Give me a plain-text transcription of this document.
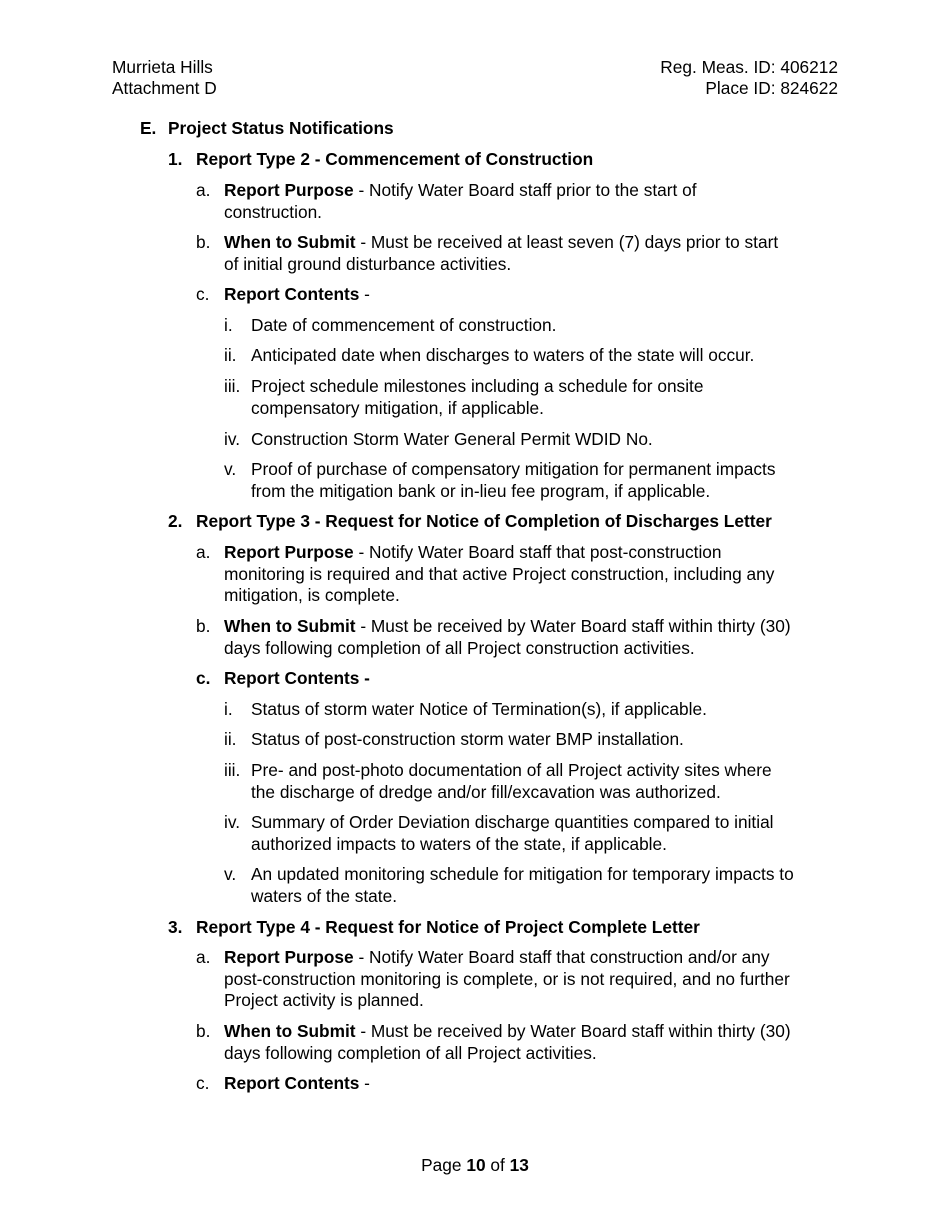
Murrieta Hills
Attachment D
Reg. Meas. ID: 406212
Place ID: 824622
E. Project Status Notifications
1. Report Type 2 - Commencement of Construction
a. Report Purpose - Notify Water Board staff prior to the start of
construction.
b. When to Submit - Must be received at least seven (7) days prior to start
of initial ground disturbance activities.
c. Report Contents -
i. Date of commencement of construction.
ii. Anticipated date when discharges to waters of the state will occur.
iii. Project schedule milestones including a schedule for onsite
compensatory mitigation, if applicable.
iv. Construction Storm Water General Permit WDID No.
v. Proof of purchase of compensatory mitigation for permanent impacts
from the mitigation bank or in-lieu fee program, if applicable.
2. Report Type 3 - Request for Notice of Completion of Discharges Letter
a. Report Purpose - Notify Water Board staff that post-construction
monitoring is required and that active Project construction, including any
mitigation, is complete.
b. When to Submit - Must be received by Water Board staff within thirty (30)
days following completion of all Project construction activities.
c. Report Contents -
i. Status of storm water Notice of Termination(s), if applicable.
ii. Status of post-construction storm water BMP installation.
iii. Pre- and post-photo documentation of all Project activity sites where
the discharge of dredge and/or fill/excavation was authorized.
iv. Summary of Order Deviation discharge quantities compared to initial
authorized impacts to waters of the state, if applicable.
v. An updated monitoring schedule for mitigation for temporary impacts to
waters of the state.
3. Report Type 4 - Request for Notice of Project Complete Letter
a. Report Purpose - Notify Water Board staff that construction and/or any
post-construction monitoring is complete, or is not required, and no further
Project activity is planned.
b. When to Submit - Must be received by Water Board staff within thirty (30)
days following completion of all Project activities.
c. Report Contents -
Page 10 of 13
